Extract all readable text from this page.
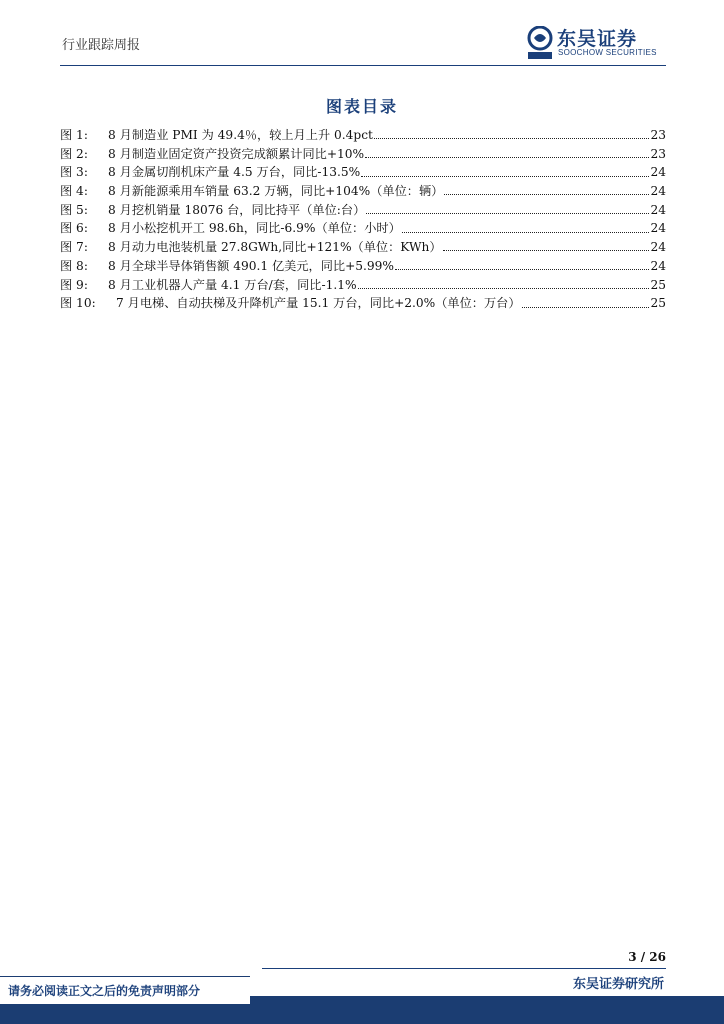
行业跟踪周报	东吴证券
SOOCHOW SECURITIES
图表目录
图 1:	8 月制造业 PMI 为 49.4％，较上月上升 0.4pct	23
图 2:	8 月制造业固定资产投资完成额累计同比+10%	23
图 3:	8 月金属切削机床产量 4.5 万台，同比-13.5%	24
图 4:	8 月新能源乘用车销量 63.2 万辆，同比+104%（单位：辆）	24
图 5:	8 月挖机销量 18076 台，同比持平（单位:台）	24
图 6:	8 月小松挖机开工 98.6h，同比-6.9%（单位：小时）	24
图 7:	8 月动力电池装机量 27.8GWh,同比+121%（单位：KWh）	24
图 8:	8 月全球半导体销售额 490.1 亿美元，同比+5.99%	24
图 9:	8 月工业机器人产量 4.1 万台/套，同比-1.1%	25
图 10:	7 月电梯、自动扶梯及升降机产量 15.1 万台，同比+2.0%（单位：万台）	25
3 / 26
东吴证券研究所
请务必阅读正文之后的免责声明部分
